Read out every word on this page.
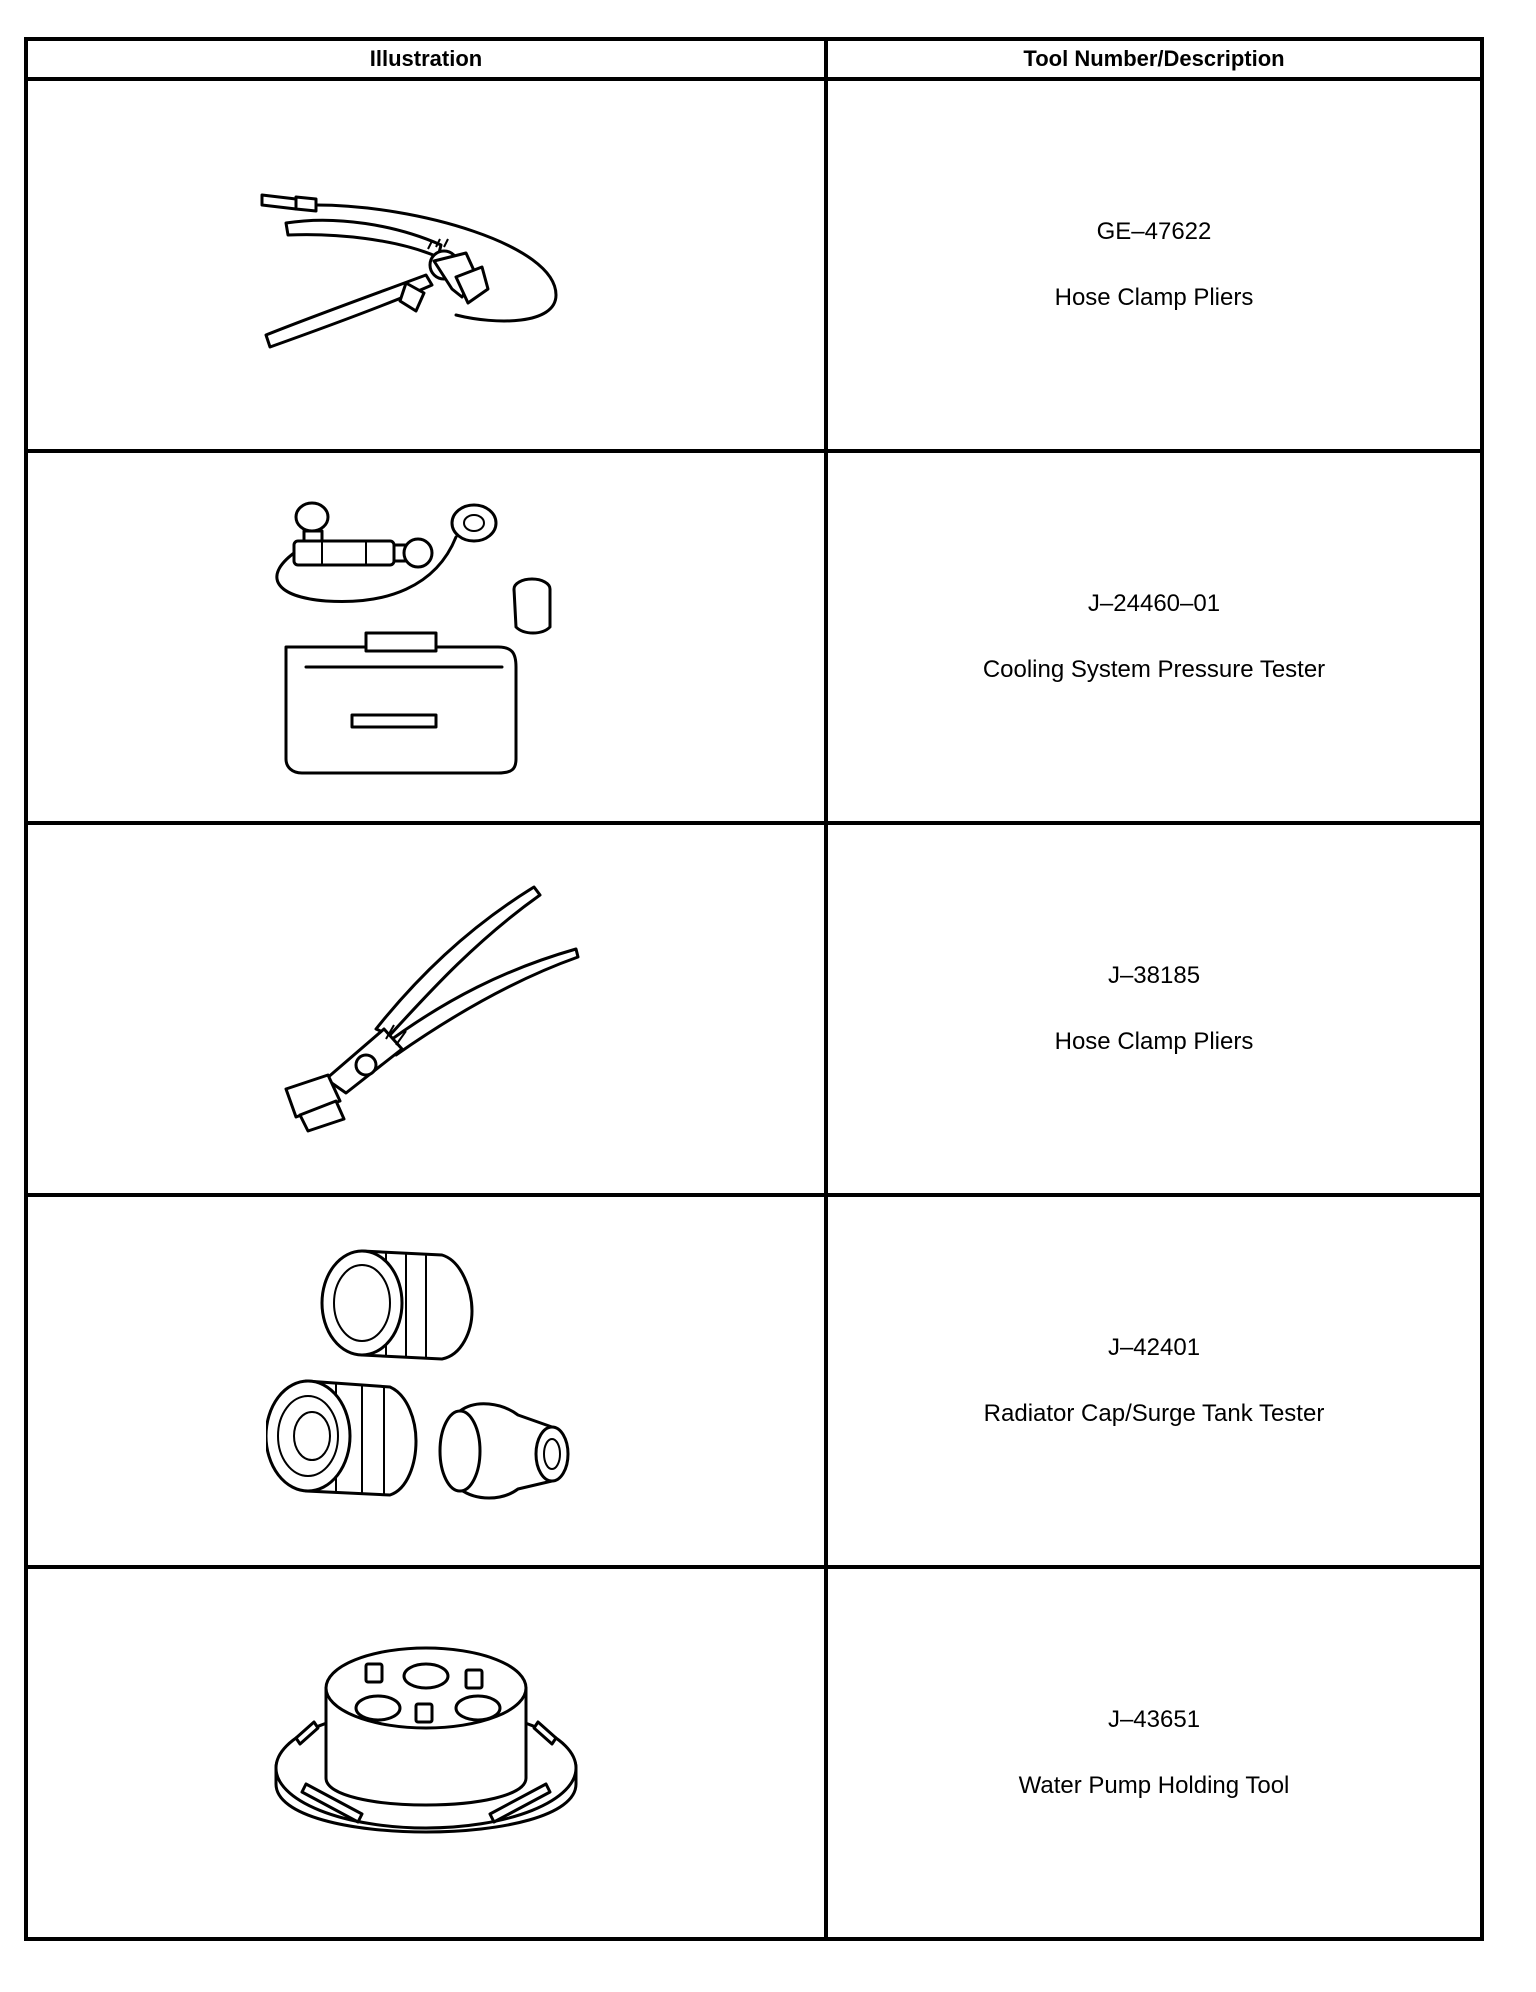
Illustration	Tool Number/Description

GE–47622
Hose Clamp Pliers

J–24460–01
Cooling System Pressure Tester

J–38185
Hose Clamp Pliers

J–42401
Radiator Cap/Surge Tank Tester

J–43651
Water Pump Holding Tool
